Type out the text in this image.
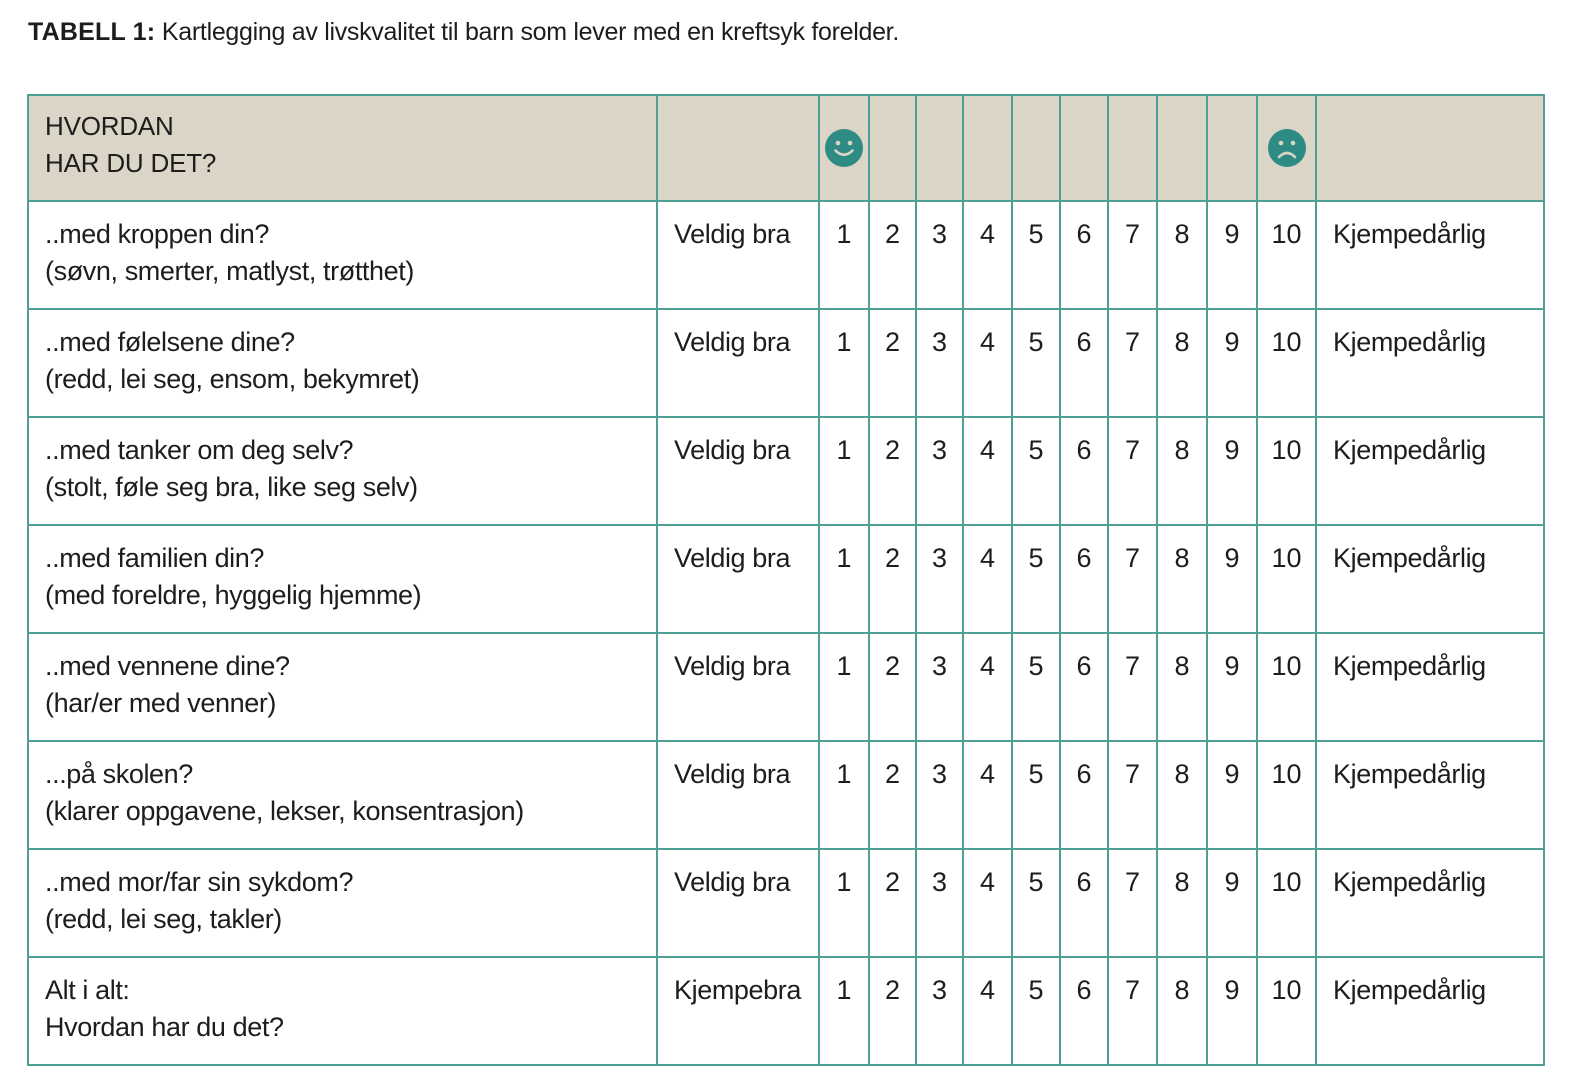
TABELL 1: Kartlegging av livskvalitet til barn som lever med en kreftsyk forelder.
HVORDAN
HAR DU DET?

..med kroppen din?
(søvn, smerter, matlyst, trøtthet)	Veldig bra	1	2	3	4	5	6	7	8	9	10	Kjempedårlig

..med følelsene dine?
(redd, lei seg, ensom, bekymret)	Veldig bra	1	2	3	4	5	6	7	8	9	10	Kjempedårlig

..med tanker om deg selv?
(stolt, føle seg bra, like seg selv)	Veldig bra	1	2	3	4	5	6	7	8	9	10	Kjempedårlig

..med familien din?
(med foreldre, hyggelig hjemme)	Veldig bra	1	2	3	4	5	6	7	8	9	10	Kjempedårlig

..med vennene dine?
(har/er med venner)	Veldig bra	1	2	3	4	5	6	7	8	9	10	Kjempedårlig

...på skolen?
(klarer oppgavene, lekser, konsentrasjon)	Veldig bra	1	2	3	4	5	6	7	8	9	10	Kjempedårlig

..med mor/far sin sykdom?
(redd, lei seg, takler)	Veldig bra	1	2	3	4	5	6	7	8	9	10	Kjempedårlig

Alt i alt:
Hvordan har du det?	Kjempebra	1	2	3	4	5	6	7	8	9	10	Kjempedårlig
